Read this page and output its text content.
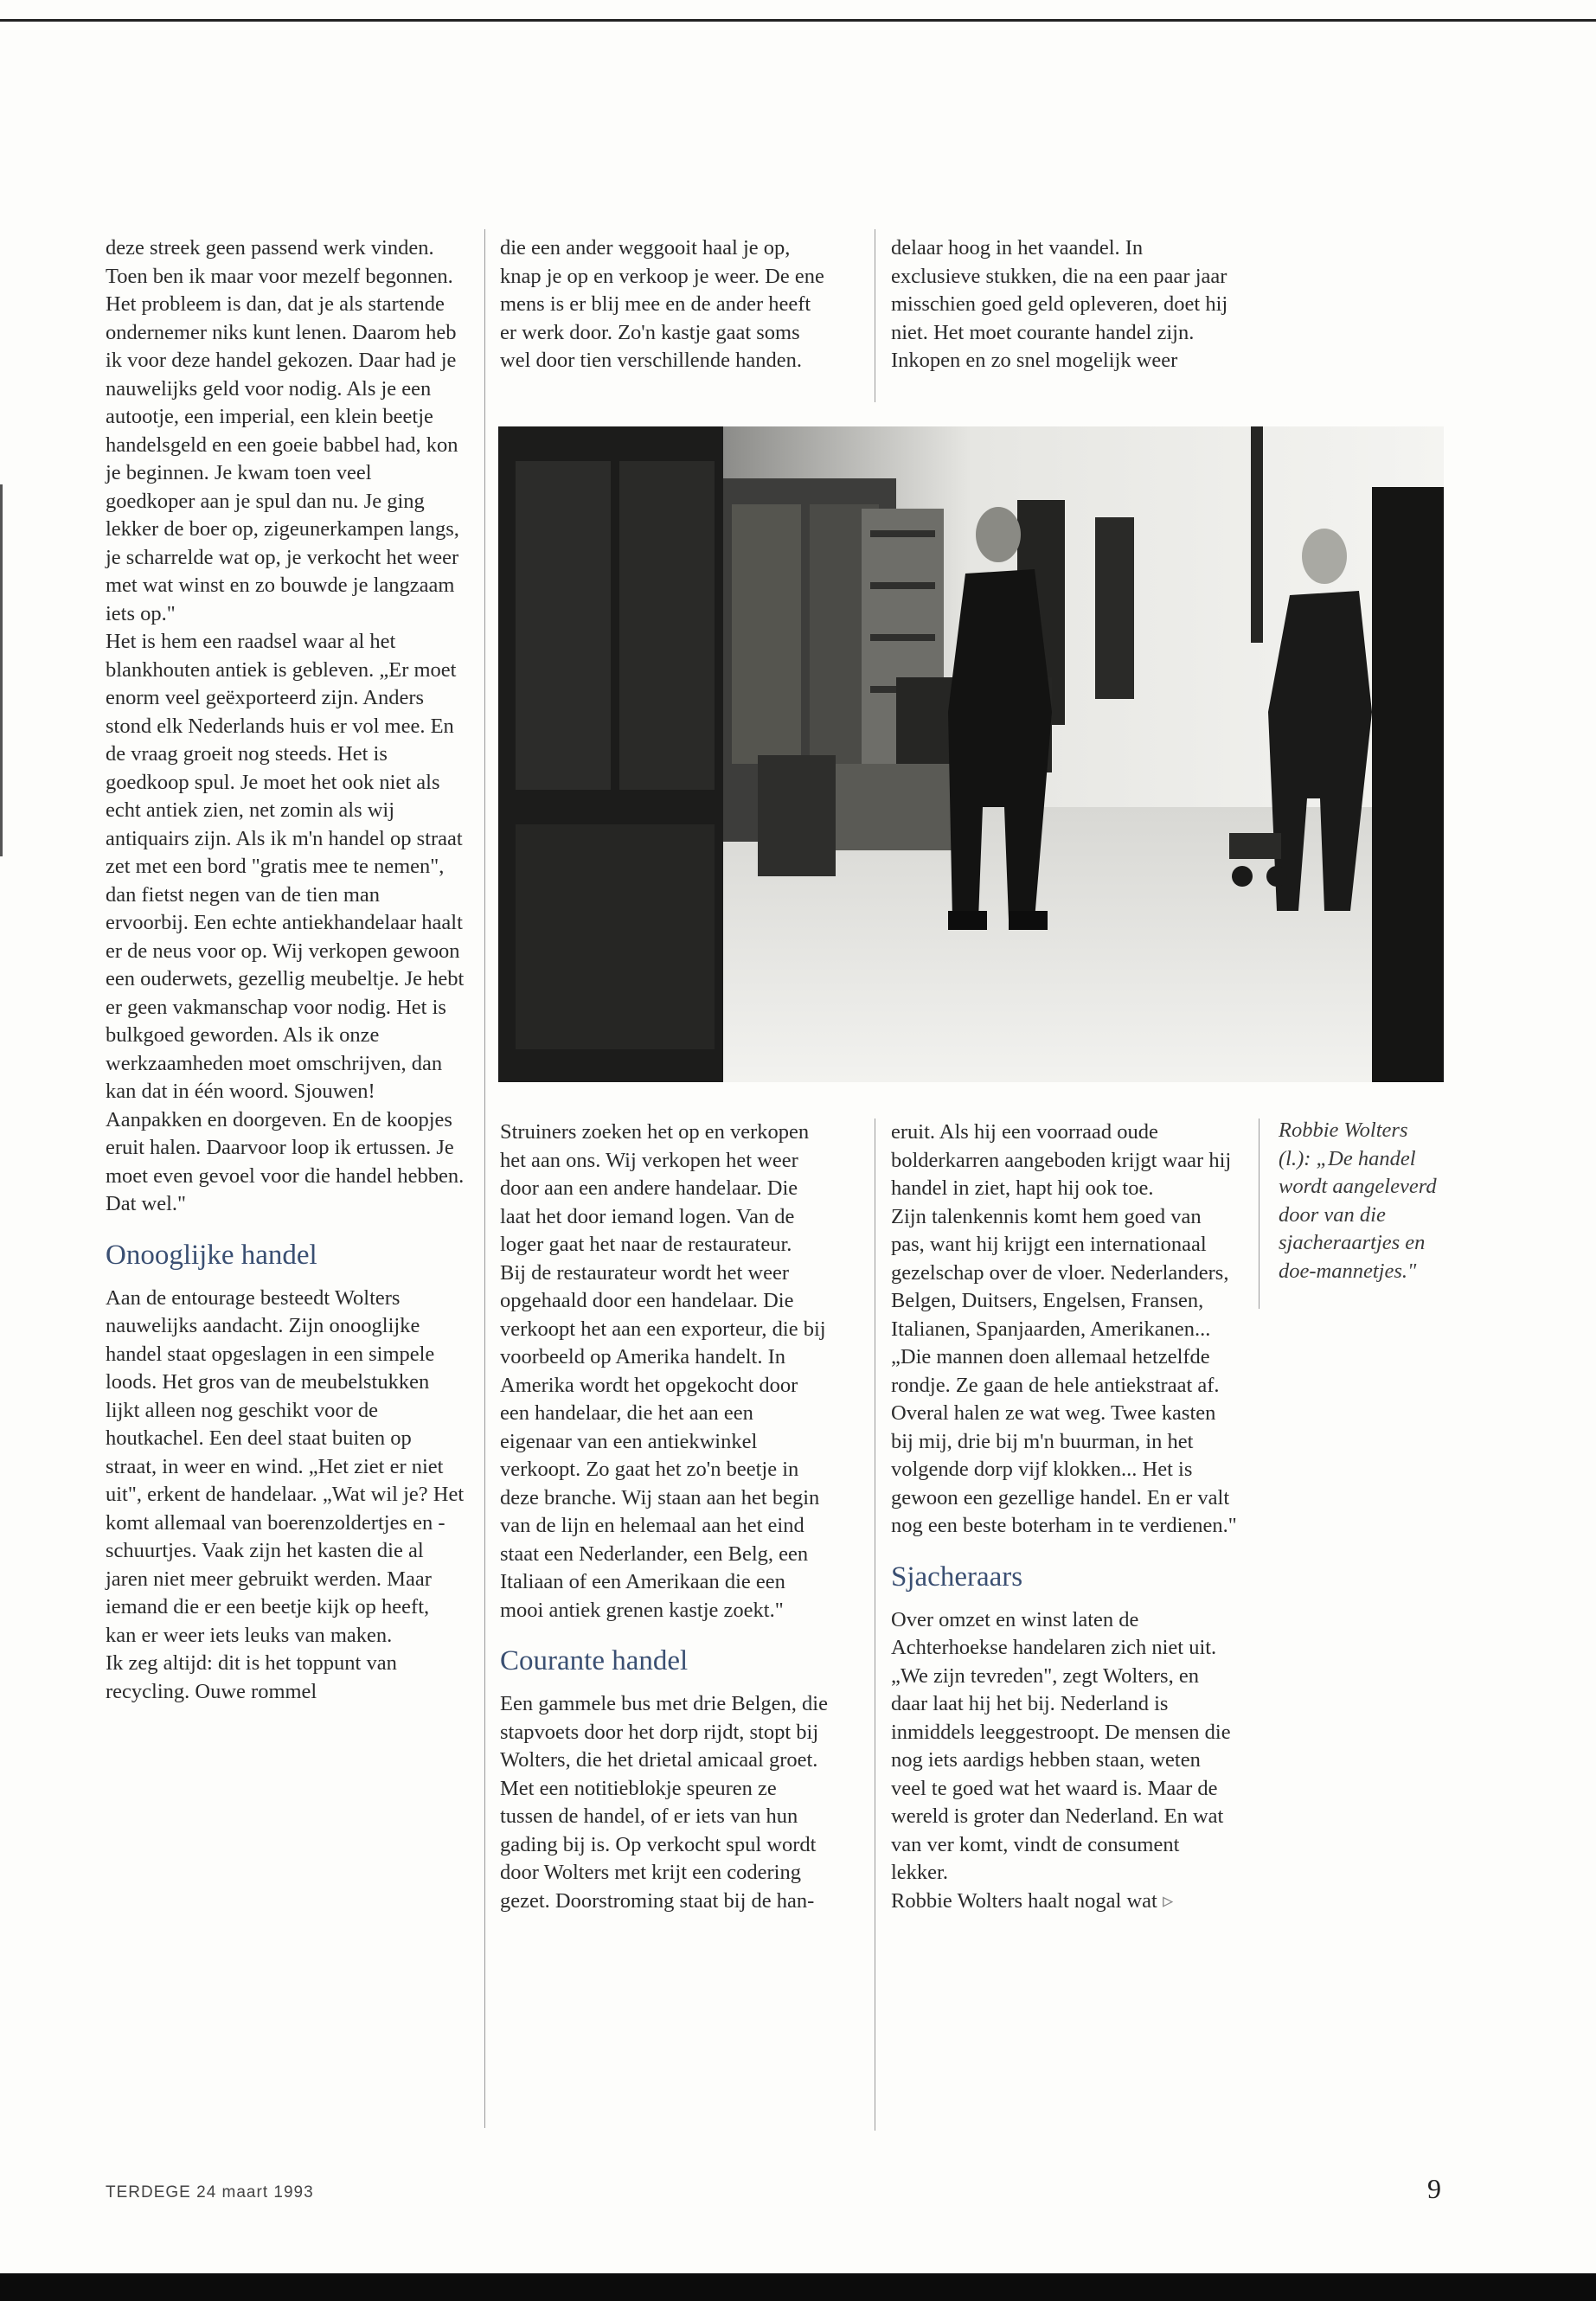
deze streek geen passend werk vinden. Toen ben ik maar voor mezelf begonnen. Het probleem is dan, dat je als startende ondernemer niks kunt lenen. Daarom heb ik voor deze handel gekozen. Daar had je nauwelijks geld voor nodig. Als je een autootje, een imperial, een klein beetje handelsgeld en een goeie babbel had, kon je beginnen. Je kwam toen veel goedkoper aan je spul dan nu. Je ging lekker de boer op, zigeunerkampen langs, je scharrelde wat op, je verkocht het weer met wat winst en zo bouwde je langzaam iets op."

Het is hem een raadsel waar al het blankhouten antiek is gebleven. „Er moet enorm veel geëxporteerd zijn. Anders stond elk Nederlands huis er vol mee. En de vraag groeit nog steeds. Het is goedkoop spul. Je moet het ook niet als echt antiek zien, net zomin als wij antiquairs zijn. Als ik m'n handel op straat zet met een bord "gratis mee te nemen", dan fietst negen van de tien man ervoorbij. Een echte antiekhandelaar haalt er de neus voor op. Wij verkopen gewoon een ouderwets, gezellig meubeltje. Je hebt er geen vakmanschap voor nodig. Het is bulkgoed geworden. Als ik onze werkzaamheden moet omschrijven, dan kan dat in één woord. Sjouwen! Aanpakken en doorgeven. En de koopjes eruit halen. Daarvoor loop ik ertussen. Je moet even gevoel voor die handel hebben. Dat wel."

Onooglijke handel

Aan de entourage besteedt Wolters nauwelijks aandacht. Zijn onooglijke handel staat opgeslagen in een simpele loods. Het gros van de meubelstukken lijkt alleen nog geschikt voor de houtkachel. Een deel staat buiten op straat, in weer en wind. „Het ziet er niet uit", erkent de handelaar. „Wat wil je? Het komt allemaal van boerenzoldertjes en -schuurtjes. Vaak zijn het kasten die al jaren niet meer gebruikt werden. Maar iemand die er een beetje kijk op heeft, kan er weer iets leuks van maken.

Ik zeg altijd: dit is het toppunt van recycling. Ouwe rommel

die een ander weggooit haal je op, knap je op en verkoop je weer. De ene mens is er blij mee en de ander heeft er werk door. Zo'n kastje gaat soms wel door tien verschillende handen.

delaar hoog in het vaandel. In exclusieve stukken, die na een paar jaar misschien goed geld opleveren, doet hij niet. Het moet courante handel zijn. Inkopen en zo snel mogelijk weer

Struiners zoeken het op en verkopen het aan ons. Wij verkopen het weer door aan een andere handelaar. Die laat het door iemand logen. Van de loger gaat het naar de restaurateur.

Bij de restaurateur wordt het weer opgehaald door een handelaar. Die verkoopt het aan een exporteur, die bij voorbeeld op Amerika handelt. In Amerika wordt het opgekocht door een handelaar, die het aan een eigenaar van een antiekwinkel verkoopt. Zo gaat het zo'n beetje in deze branche. Wij staan aan het begin van de lijn en helemaal aan het eind staat een Nederlander, een Belg, een Italiaan of een Amerikaan die een mooi antiek grenen kastje zoekt."

Courante handel

Een gammele bus met drie Belgen, die stapvoets door het dorp rijdt, stopt bij Wolters, die het drietal amicaal groet. Met een notitieblokje speuren ze tussen de handel, of er iets van hun gading bij is. Op verkocht spul wordt door Wolters met krijt een codering gezet. Doorstroming staat bij de han-

eruit. Als hij een voorraad oude bolderkarren aangeboden krijgt waar hij handel in ziet, hapt hij ook toe.

Zijn talenkennis komt hem goed van pas, want hij krijgt een internationaal gezelschap over de vloer. Nederlanders, Belgen, Duitsers, Engelsen, Fransen, Italianen, Spanjaarden, Amerikanen... „Die mannen doen allemaal hetzelfde rondje. Ze gaan de hele antiekstraat af. Overal halen ze wat weg. Twee kasten bij mij, drie bij m'n buurman, in het volgende dorp vijf klokken... Het is gewoon een gezellige handel. En er valt nog een beste boterham in te verdienen."

Sjacheraars

Over omzet en winst laten de Achterhoekse handelaren zich niet uit. „We zijn tevreden", zegt Wolters, en daar laat hij het bij. Nederland is inmiddels leeggestroopt. De mensen die nog iets aardigs hebben staan, weten veel te goed wat het waard is. Maar de wereld is groter dan Nederland. En wat van ver komt, vindt de consument lekker.

Robbie Wolters haalt nogal wat ▹

Robbie Wolters (l.): „De handel wordt aangeleverd door van die sjacheraartjes en doe-mannetjes."
TERDEGE 24 maart 1993	9
